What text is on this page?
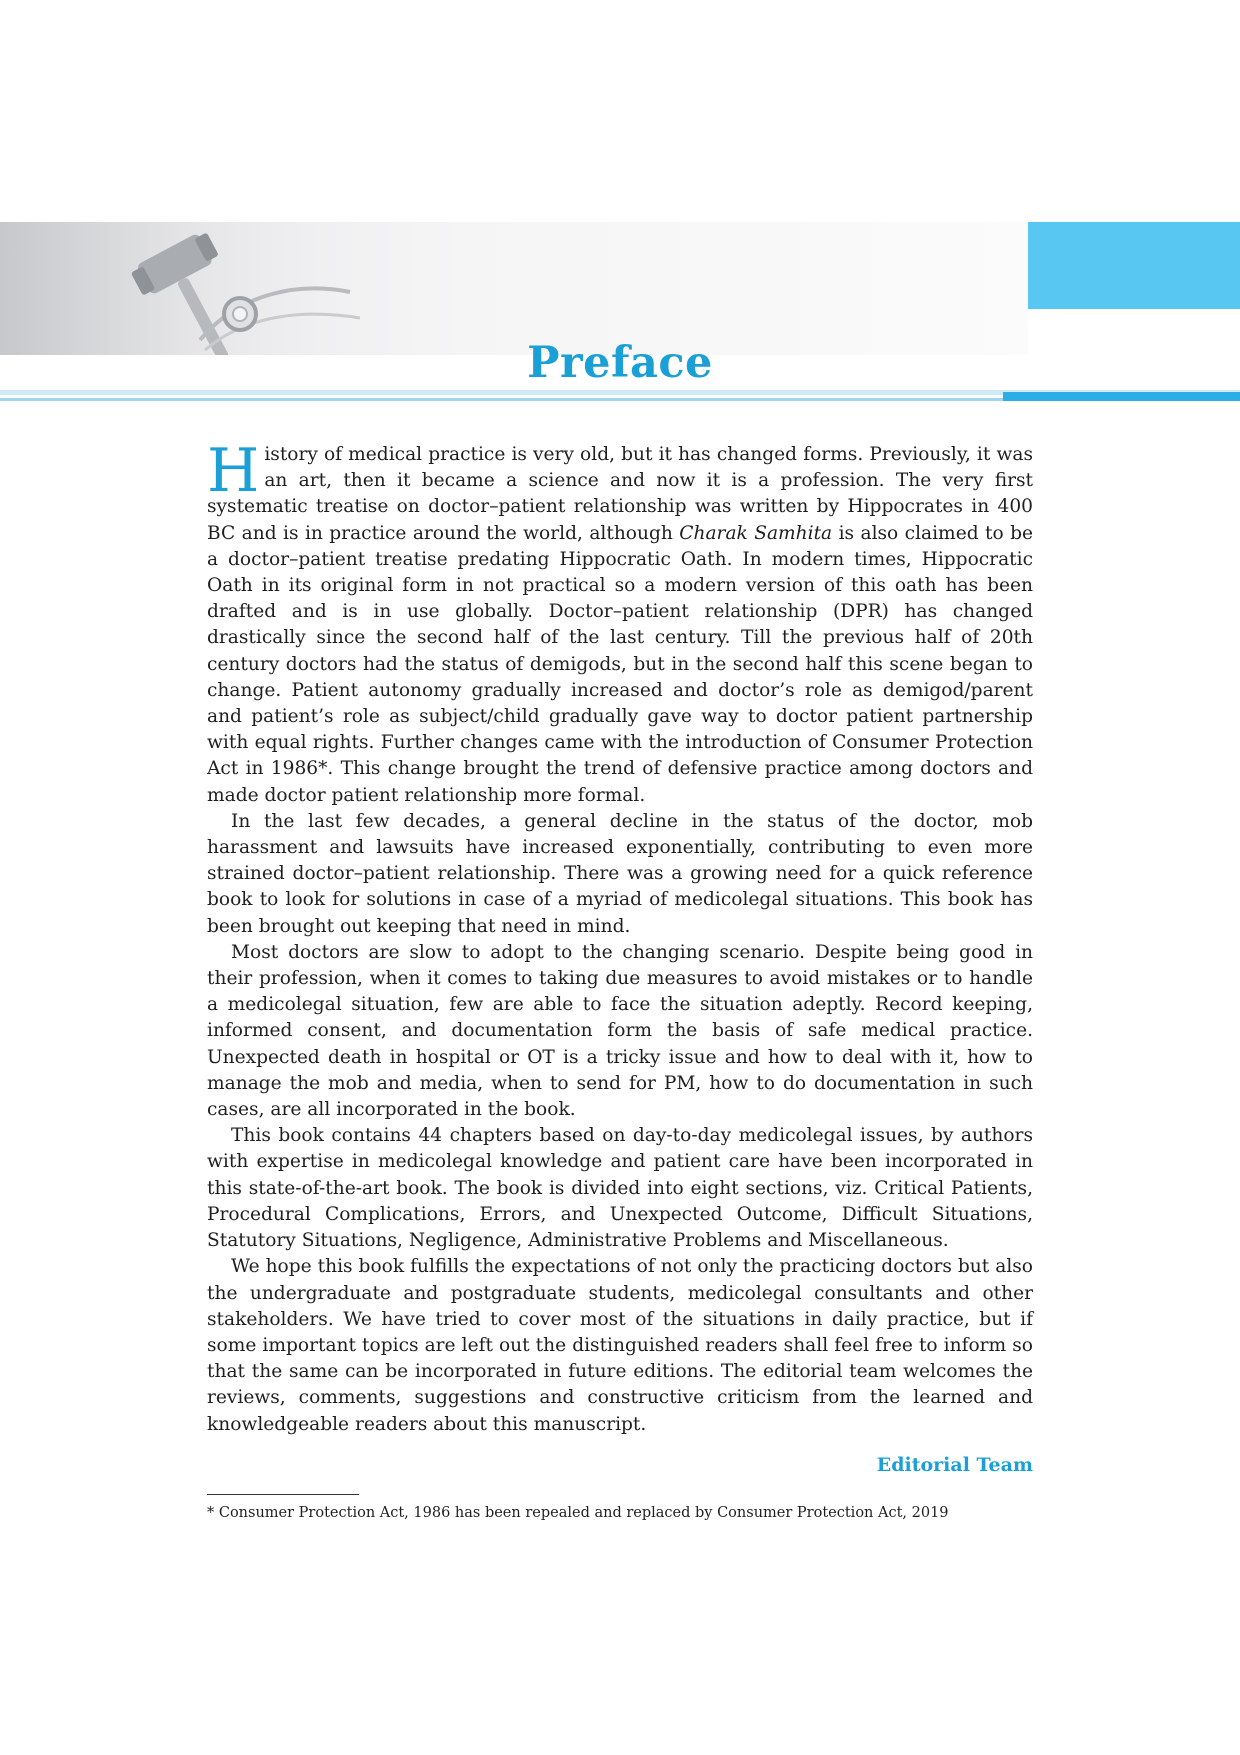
Preface

History of medical practice is very old, but it has changed forms. Previously, it was an art, then it became a science and now it is a profession. The very first systematic treatise on doctor–patient relationship was written by Hippocrates in 400 BC and is in practice around the world, although Charak Samhita is also claimed to be a doctor–patient treatise predating Hippocratic Oath. In modern times, Hippocratic Oath in its original form in not practical so a modern version of this oath has been drafted and is in use globally. Doctor–patient relationship (DPR) has changed drastically since the second half of the last century. Till the previous half of 20th century doctors had the status of demigods, but in the second half this scene began to change. Patient autonomy gradually increased and doctor’s role as demigod/parent and patient’s role as subject/child gradually gave way to doctor patient partnership with equal rights. Further changes came with the introduction of Consumer Protection Act in 1986*. This change brought the trend of defensive practice among doctors and made doctor patient relationship more formal.

In the last few decades, a general decline in the status of the doctor, mob harassment and lawsuits have increased exponentially, contributing to even more strained doctor–patient relationship. There was a growing need for a quick reference book to look for solutions in case of a myriad of medicolegal situations. This book has been brought out keeping that need in mind.

Most doctors are slow to adopt to the changing scenario. Despite being good in their profession, when it comes to taking due measures to avoid mistakes or to handle a medicolegal situation, few are able to face the situation adeptly. Record keeping, informed consent, and documentation form the basis of safe medical practice. Unexpected death in hospital or OT is a tricky issue and how to deal with it, how to manage the mob and media, when to send for PM, how to do documentation in such cases, are all incorporated in the book.

This book contains 44 chapters based on day-to-day medicolegal issues, by authors with expertise in medicolegal knowledge and patient care have been incorporated in this state-of-the-art book. The book is divided into eight sections, viz. Critical Patients, Procedural Complications, Errors, and Unexpected Outcome, Difficult Situations, Statutory Situations, Negligence, Administrative Problems and Miscellaneous.

We hope this book fulfills the expectations of not only the practicing doctors but also the undergraduate and postgraduate students, medicolegal consultants and other stakeholders. We have tried to cover most of the situations in daily practice, but if some important topics are left out the distinguished readers shall feel free to inform so that the same can be incorporated in future editions. The editorial team welcomes the reviews, comments, suggestions and constructive criticism from the learned and knowledgeable readers about this manuscript.

Editorial Team
* Consumer Protection Act, 1986 has been repealed and replaced by Consumer Protection Act, 2019
